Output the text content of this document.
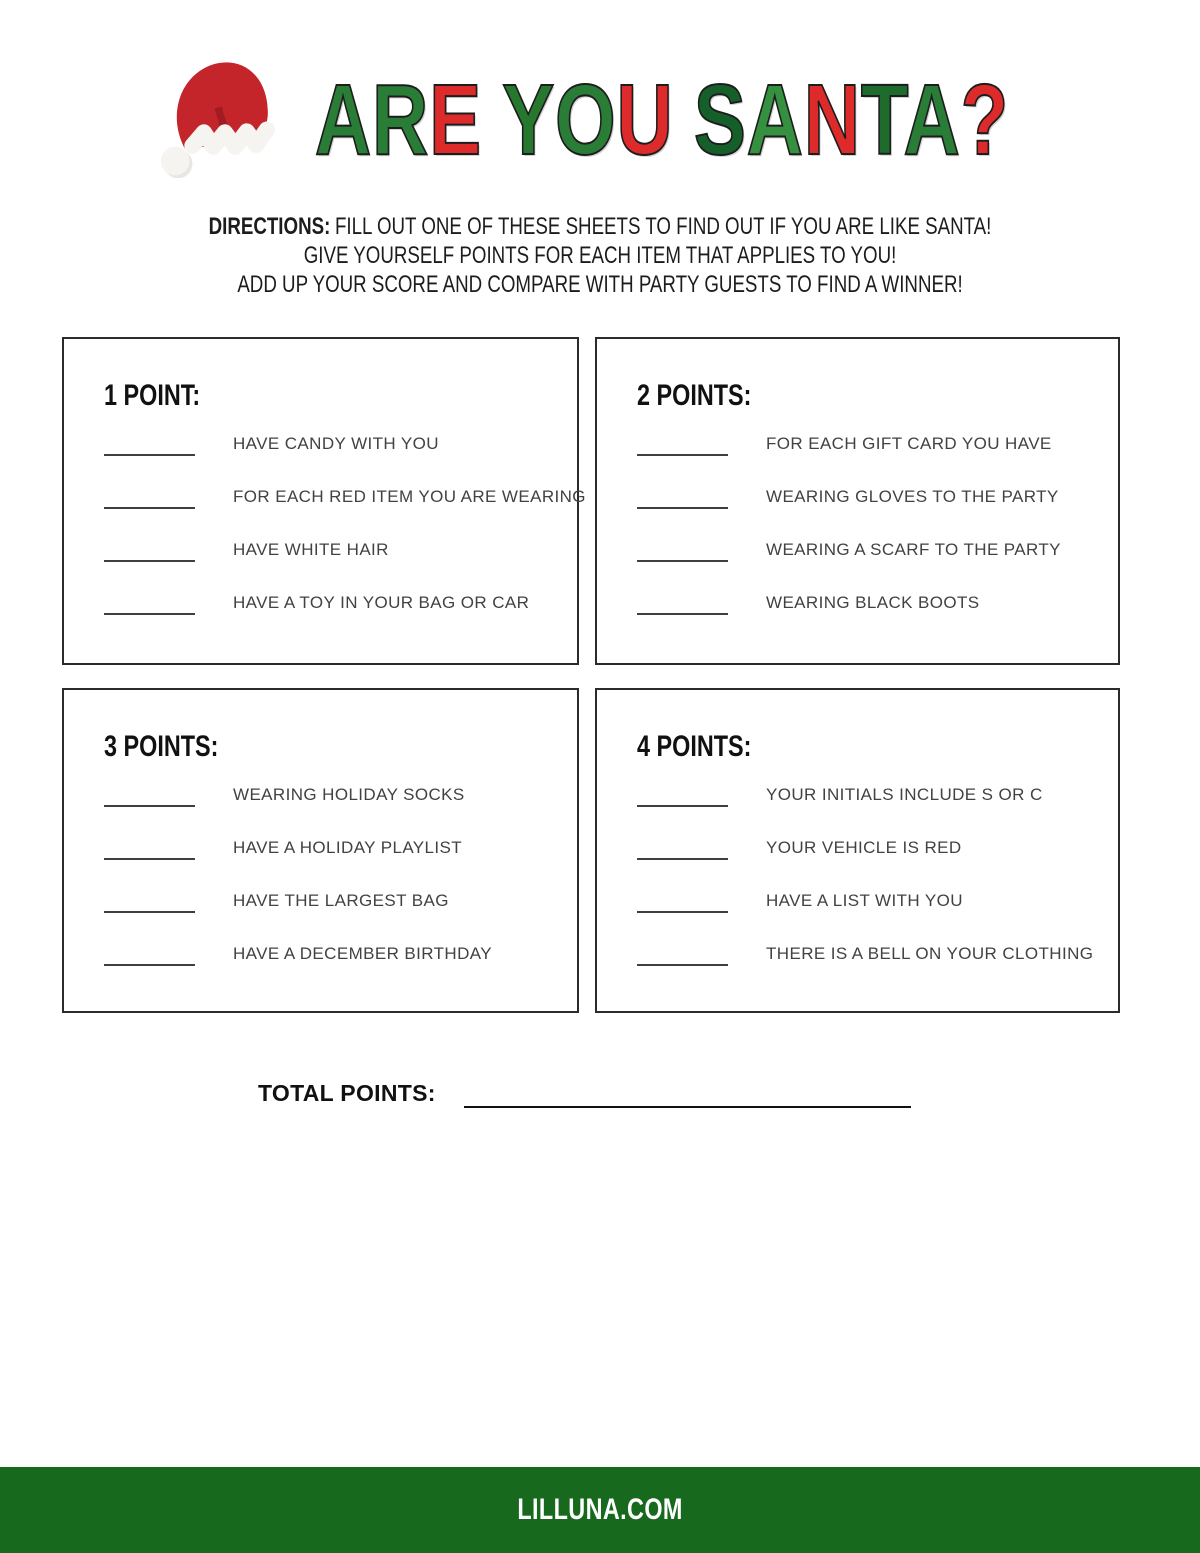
ARE YOU SANTA?
DIRECTIONS: FILL OUT ONE OF THESE SHEETS TO FIND OUT IF YOU ARE LIKE SANTA!
GIVE YOURSELF POINTS FOR EACH ITEM THAT APPLIES TO YOU!
ADD UP YOUR SCORE AND COMPARE WITH PARTY GUESTS TO FIND A WINNER!
1 POINT:
HAVE CANDY WITH YOU
FOR EACH RED ITEM YOU ARE WEARING
HAVE WHITE HAIR
HAVE A TOY IN YOUR BAG OR CAR
2 POINTS:
FOR EACH GIFT CARD YOU HAVE
WEARING GLOVES TO THE PARTY
WEARING A SCARF TO THE PARTY
WEARING BLACK BOOTS
3 POINTS:
WEARING HOLIDAY SOCKS
HAVE A HOLIDAY PLAYLIST
HAVE THE LARGEST BAG
HAVE A DECEMBER BIRTHDAY
4 POINTS:
YOUR INITIALS INCLUDE S OR C
YOUR VEHICLE IS RED
HAVE A LIST WITH YOU
THERE IS A BELL ON YOUR CLOTHING
TOTAL POINTS:
LILLUNA.COM
